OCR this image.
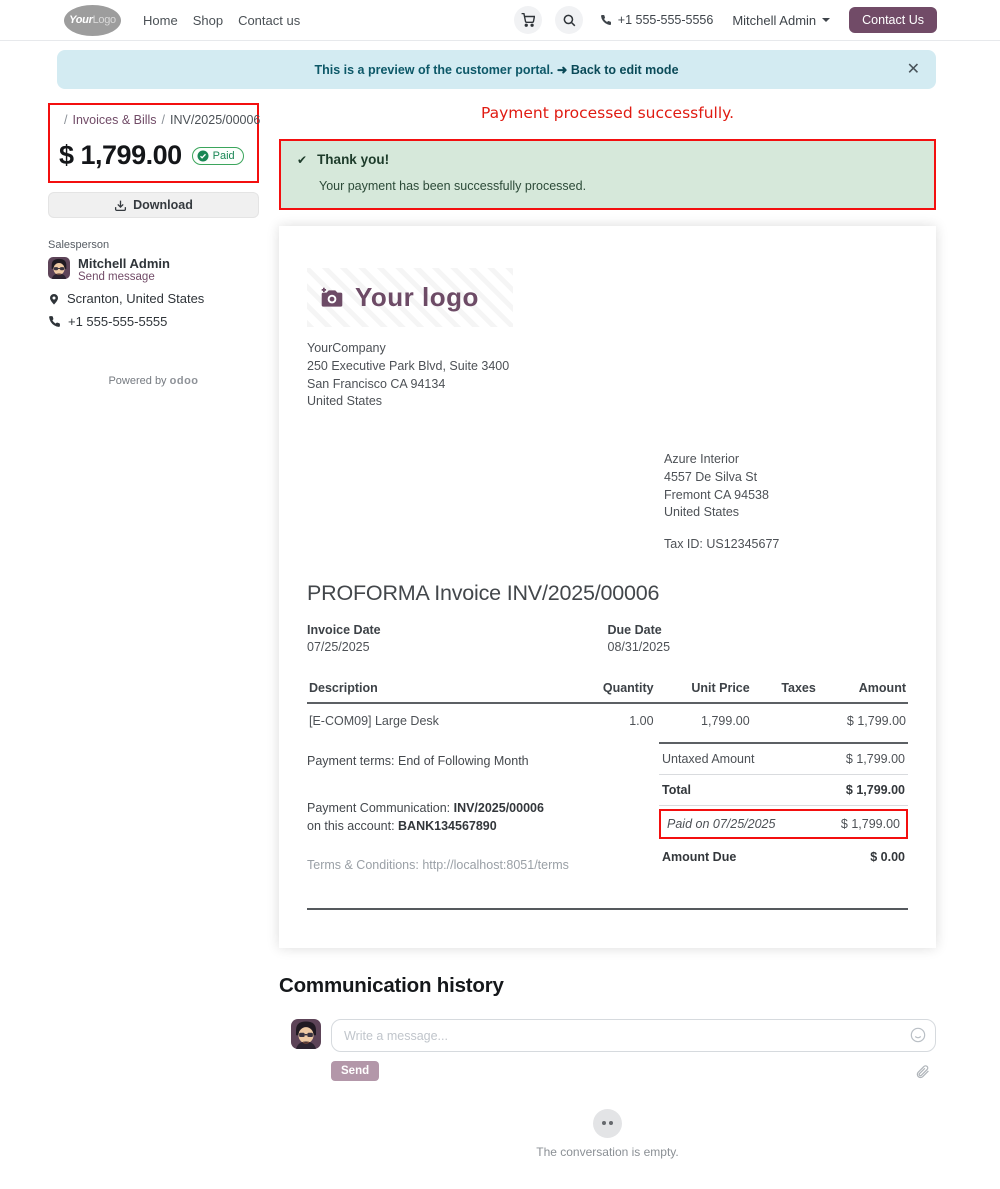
Your Logo Home Shop Contact us	+1 555-555-5556 Mitchell Admin	Contact Us
This is a preview of the customer portal. ➜ Back to edit mode	✕
/ Invoices & Bills / INV/2025/00006
$ 1,799.00	Paid
Download
Salesperson
Mitchell Admin
Send message
Scranton, United States
+1 555-555-5555
Powered by odoo
Payment processed successfully.
✔ Thank you!
Your payment has been successfully processed.
Your logo
YourCompany
250 Executive Park Blvd, Suite 3400
San Francisco CA 94134
United States
Azure Interior
4557 De Silva St
Fremont CA 94538
United States
Tax ID: US12345677
PROFORMA Invoice INV/2025/00006
Invoice Date
07/25/2025
Due Date
08/31/2025
Description	Quantity	Unit Price	Taxes	Amount
[E-COM09] Large Desk	1.00	1,799.00		$ 1,799.00
Payment terms: End of Following Month
Payment Communication: INV/2025/00006
on this account: BANK134567890
Terms & Conditions: http://localhost:8051/terms
Untaxed Amount	$ 1,799.00
Total	$ 1,799.00
Paid on 07/25/2025	$ 1,799.00
Amount Due	$ 0.00
Communication history
Write a message...
Send
The conversation is empty.
